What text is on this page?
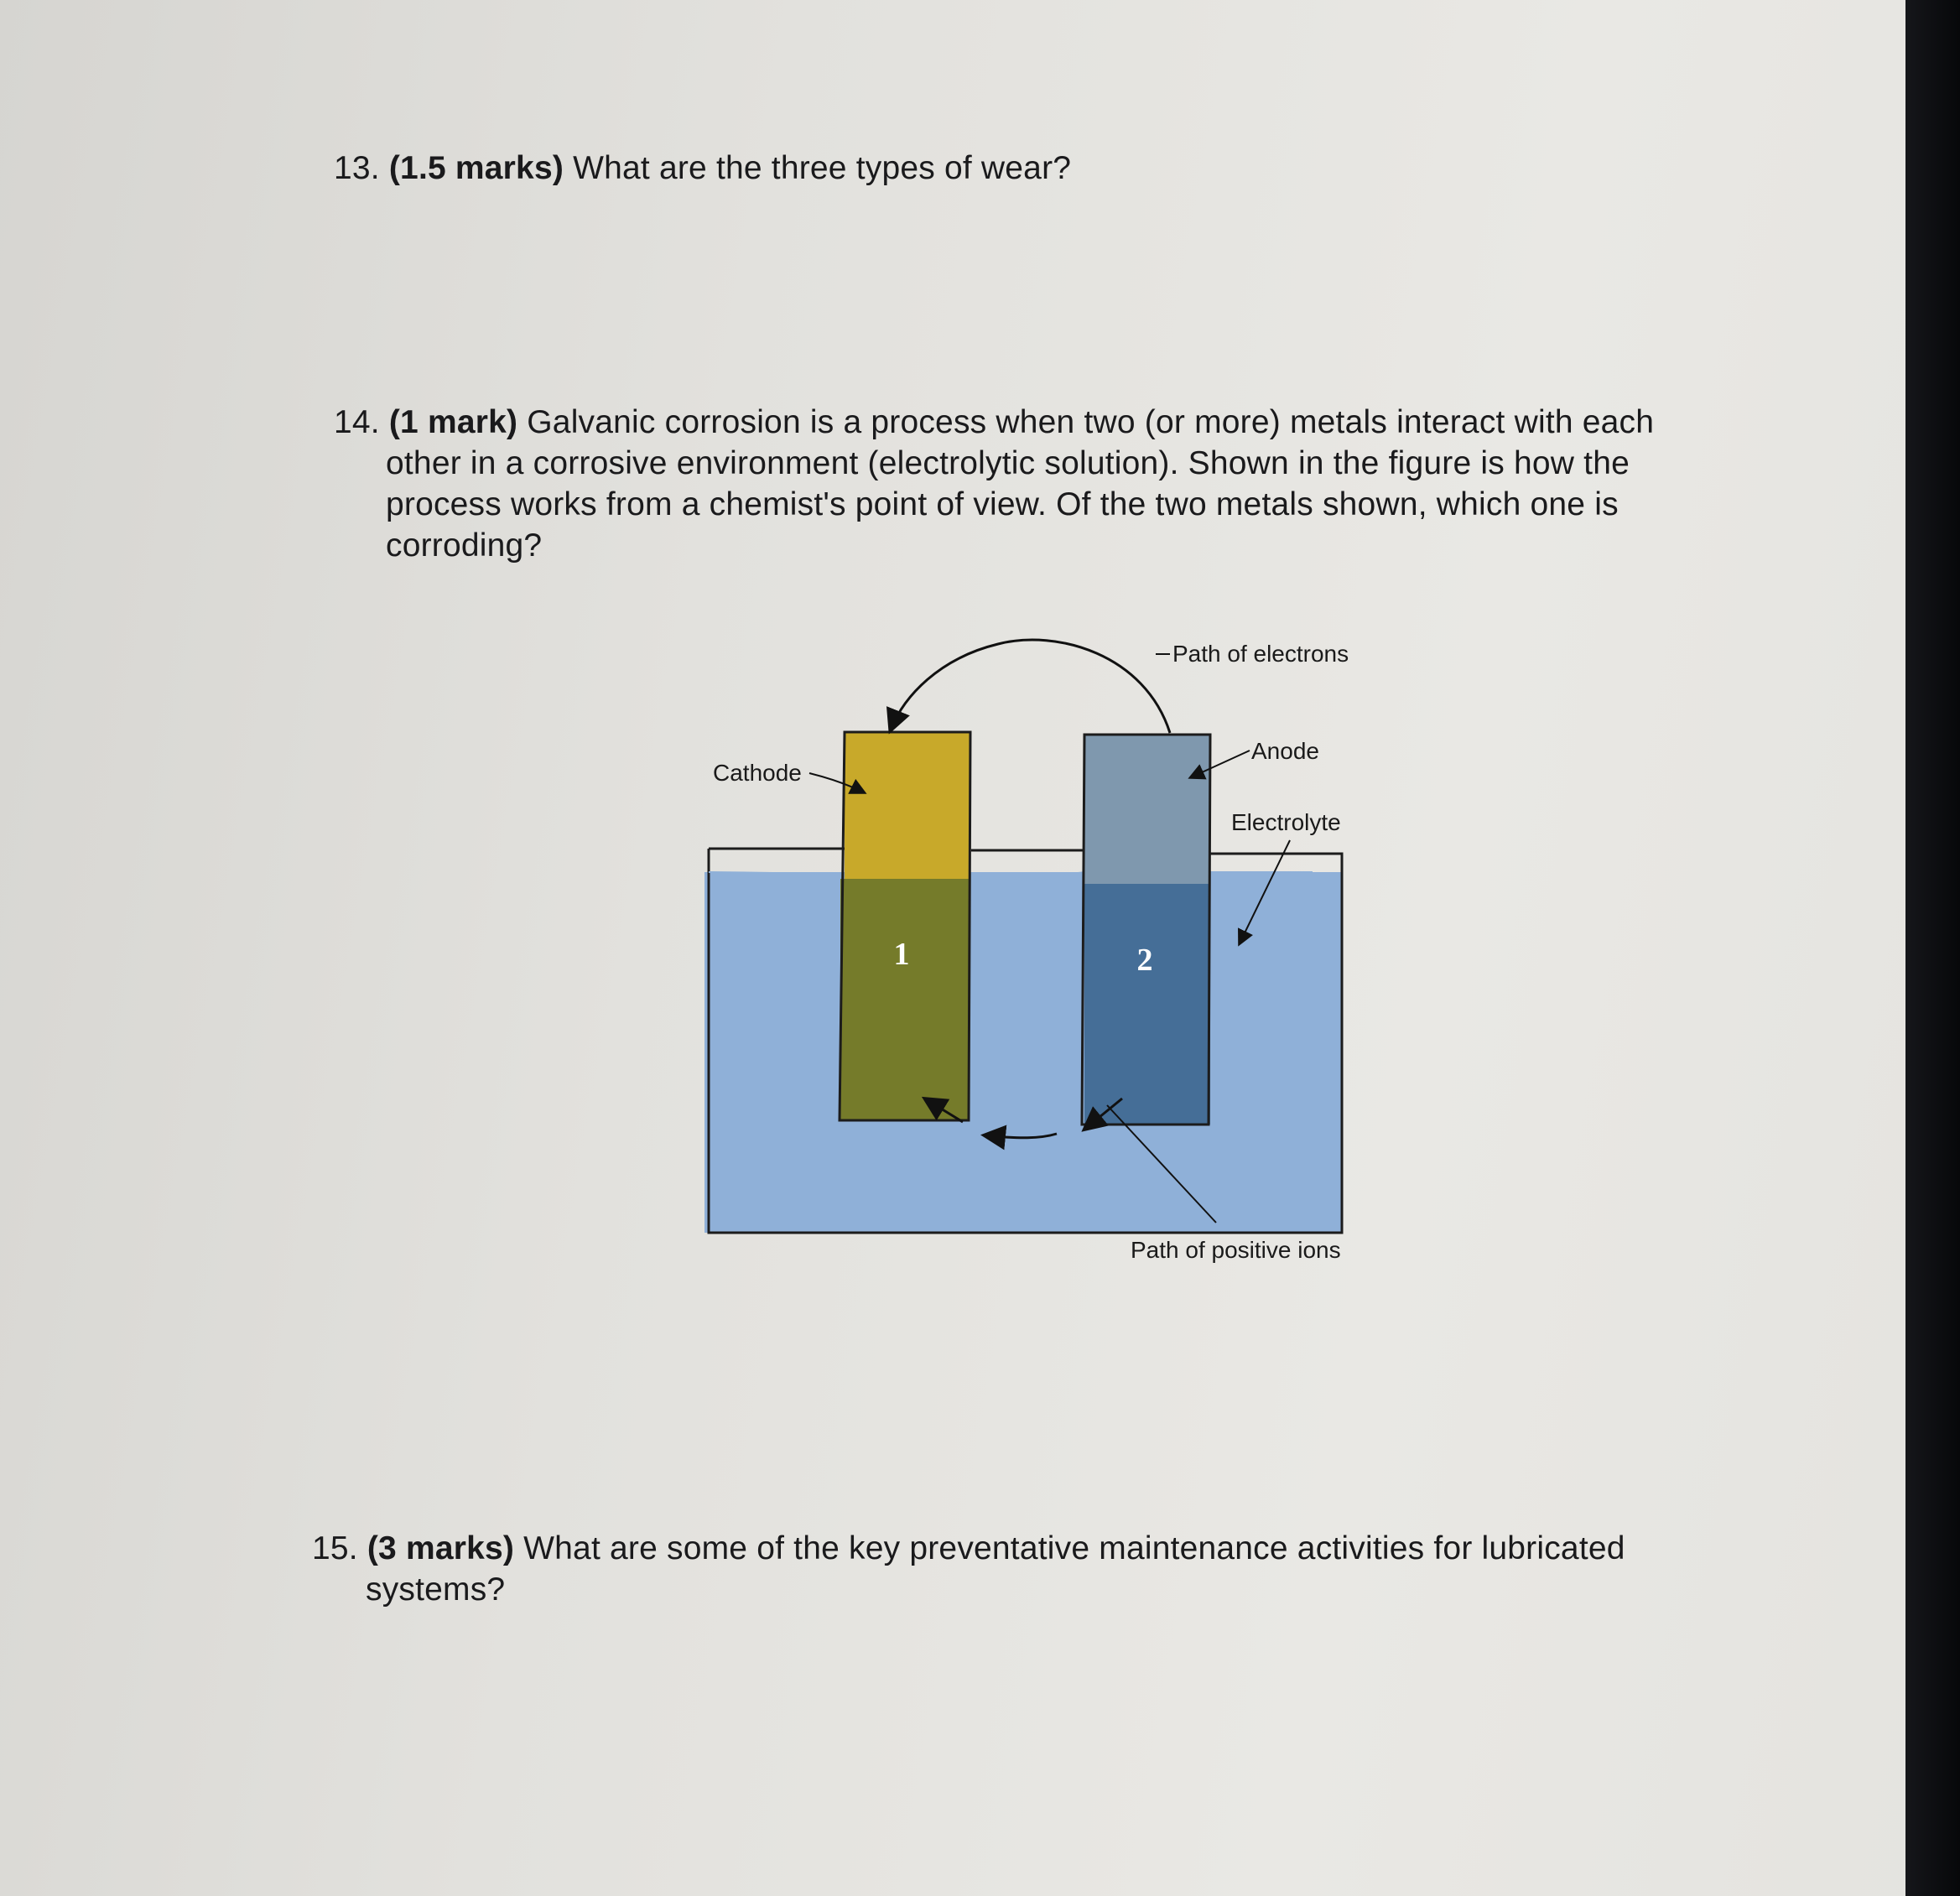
13. (1.5 marks) What are the three types of wear?
14. (1 mark) Galvanic corrosion is a process when two (or more) metals interact with each
other in a corrosive environment (electrolytic solution). Shown in the figure is how the
process works from a chemist's point of view. Of the two metals shown, which one is
corroding?
1	2
Path of electrons
Anode
Cathode
Electrolyte
Path of positive ions
15. (3 marks) What are some of the key preventative maintenance activities for lubricated
systems?
